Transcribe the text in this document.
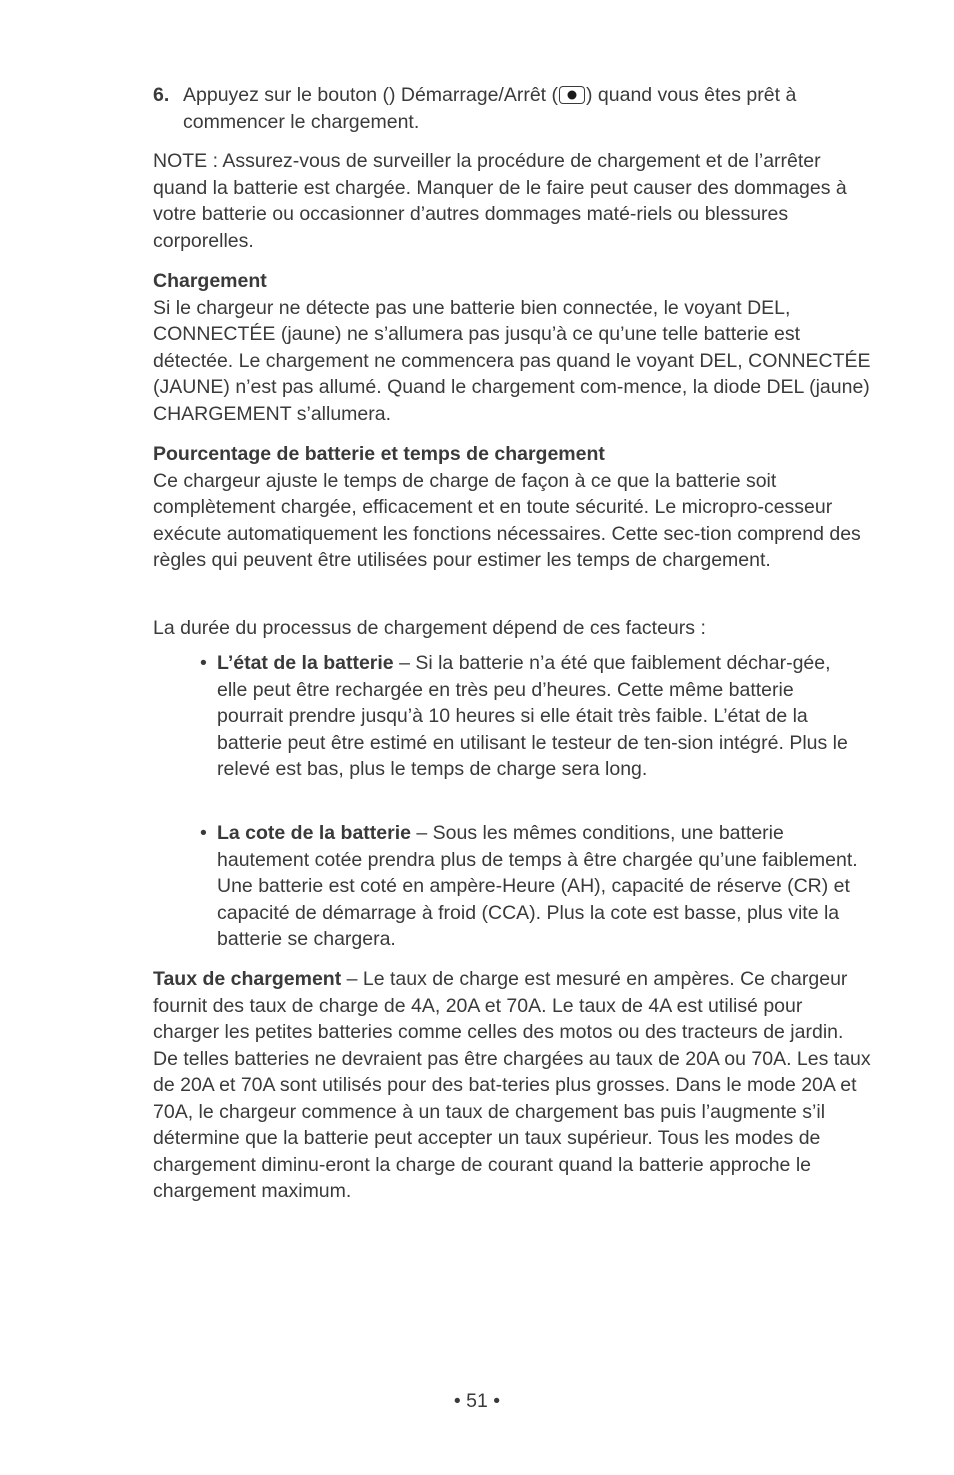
6. Appuyez sur le bouton () Démarrage/Arrêt ( ) quand vous êtes prêt à commencer le chargement.

NOTE : Assurez-vous de surveiller la procédure de chargement et de l’arrêter quand la batterie est chargée. Manquer de le faire peut causer des dommages à votre batterie ou occasionner d’autres dommages maté-riels ou blessures corporelles.

Chargement
Si le chargeur ne détecte pas une batterie bien connectée, le voyant DEL, CONNECTÉE (jaune) ne s’allumera pas jusqu’à ce qu’une telle batterie est détectée. Le chargement ne commencera pas quand le voyant DEL, CONNECTÉE (JAUNE) n’est pas allumé. Quand le chargement com-mence, la diode DEL (jaune) CHARGEMENT s’allumera.
Pourcentage de batterie et temps de chargement
Ce chargeur ajuste le temps de charge de façon à ce que la batterie soit complètement chargée, efficacement et en toute sécurité. Le micropro-cesseur exécute automatiquement les fonctions nécessaires. Cette sec-tion comprend des règles qui peuvent être utilisées pour estimer les temps de chargement.

La durée du processus de chargement dépend de ces facteurs :

• L’état de la batterie – Si la batterie n’a été que faiblement déchar-gée, elle peut être rechargée en très peu d’heures. Cette même batterie pourrait prendre jusqu’à 10 heures si elle était très faible. L’état de la batterie peut être estimé en utilisant le testeur de ten-sion intégré. Plus le relevé est bas, plus le temps de charge sera long.
• La cote de la batterie – Sous les mêmes conditions, une batterie hautement cotée prendra plus de temps à être chargée qu’une faiblement. Une batterie est coté en ampère-Heure (AH), capacité de réserve (CR) et capacité de démarrage à froid (CCA). Plus la cote est basse, plus vite la batterie se chargera.

Taux de chargement – Le taux de charge est mesuré en ampères. Ce chargeur fournit des taux de charge de 4A, 20A et 70A. Le taux de 4A est utilisé pour charger les petites batteries comme celles des motos ou des tracteurs de jardin. De telles batteries ne devraient pas être chargées au taux de 20A ou 70A. Les taux de 20A et 70A sont utilisés pour des bat-teries plus grosses. Dans le mode 20A et 70A, le chargeur commence à un taux de chargement bas puis l’augmente s’il détermine que la batterie peut accepter un taux supérieur. Tous les modes de chargement diminu-eront la charge de courant quand la batterie approche le chargement maximum.

• 51 •
